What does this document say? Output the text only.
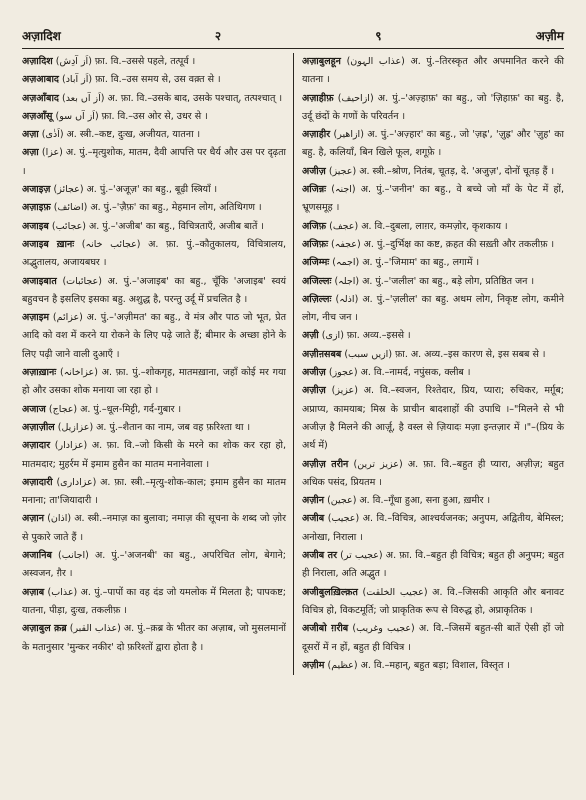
अज़ादिश	२	९	अज़ीम

अज़ादिश (اَز آدِش) फ़ा. वि.–उससे पहले, तत्पूर्व ।

अज़आबाद (اَز آباد) फ़ा. वि.–उस समय से, उस वक़्त से ।

अज़आँबाद (اَز آں بعد) अ. फ़ा. वि.–उसके बाद, उसके पश्चात्, तत्पश्चात् ।

अज़आँसू (اَز آں سو) फ़ा. वि.–उस ओर से, उधर से ।

अज़ा (اَذٰی) अ. स्त्री.–कष्ट, दुःख, अजीयत, यातना ।

अज़ा (عزا) अ. पुं.–मृत्युशोक, मातम, दैवी आपत्ति पर धैर्य और उस पर दृढ़ता ।

अजाइज़ (عجائز) अ. पुं.–'अजूज़' का बहु., बूढ़ी स्त्रियाँ ।

अज़ाइफ़ (اضائف) अ. पुं.–'ज़ैफ़' का बहु., मेहमान लोग, अतिथिगण ।

अजाइब (عجائب) अ. पुं.–'अजीब' का बहु., विचित्रताएँ, अजीब बातें ।

अजाइब ख़ानः (عجائب خانہ) अ. फ़ा. पुं.–कौतुकालय, विचित्रालय, अद्भुतालय, अजायबघर ।

अजाइबात (عجائبات) अ. पुं.–'अजाइब' का बहु., चूँकि 'अजाइब' स्वयं बहुवचन है इसलिए इसका बहु. अशुद्ध है, परन्तु उर्दू में प्रचलित है ।

अज़ाइम (عزائم) अ. पुं.–'अज़ीमत' का बहु., वे मंत्र और पाठ जो भूत, प्रेत आदि को वश में करने या रोकने के लिए पढ़े जाते हैं; बीमार के अच्छा होने के लिए पढ़ी जाने वाली दुआएँ ।

अज़ाख़ानः (عزاخانہ) अ. फ़ा. पुं.–शोकगृह, मातमख़ाना, जहाँ कोई मर गया हो और उसका शोक मनाया जा रहा हो ।

अजाज (عجاج) अ. पुं.–धूल-मिट्टी, गर्द-गुबार ।

अज़ाज़ील (عزازیل) अ. पुं.–शैतान का नाम, जब वह फ़रिश्ता था ।

अज़ादार (عزادار) अ. फ़ा. वि.–जो किसी के मरने का शोक कर रहा हो, मातमदार; मुहर्रम में इमाम हुसैन का मातम मनानेवाला ।

अज़ादारी (عزاداری) अ. फ़ा. स्त्री.–मृत्यु-शोक-काल; इमाम हुसैन का मातम मनाना; ता'जियादारी ।

अज़ान (اذان) अ. स्त्री.–नमाज़ का बुलावा; नमाज़ की सूचना के शब्द जो ज़ोर से पुकारे जाते हैं ।

अजानिब (اجانب) अ. पुं.–'अजनबी' का बहु., अपरिचित लोग, बेगाने; अस्वजन, ग़ैर ।

अज़ाब (عذاب) अ. पुं.–पापों का वह दंड जो यमलोक में मिलता है; पापकष्ट; यातना, पीड़ा, दुःख, तकलीफ़ ।

अज़ाबुल क़ब्र (عذاب القبر) अ. पुं.–क़ब्र के भीतर का अज़ाब, जो मुसलमानों के मतानुसार 'मुन्कर नकीर' दो फ़रिश्तों द्वारा होता है ।

अज़ाबुलहून (عذاب الہون) अ. पुं.–तिरस्कृत और अपमानित करने की यातना ।

अज़ाहीफ़ (ازاحیف) अ. पुं.–'अज़्हाफ़' का बहु., जो 'ज़िहाफ़' का बहु. है, उर्दू छंदों के गणों के परिवर्तन ।

अज़ाहीर (ازاهیر) अ. पुं.–'अज़्हार' का बहु., जो 'ज़ह्र', 'ज़ुह्र' और 'ज़ुह' का बहु. है, कलियाँ, बिन खिले फूल, शगूफ़े ।

अजीज़ (عجیز) अ. स्त्री.–श्रोण, नितंब, चूतड़, दे. 'अजुज़', दोनों चूतड़ हैं ।

अजिन्नः (اجنہ) अ. पुं.–'जनीन' का बहु., वे बच्चे जो माँ के पेट में हों, भ्रूणसमूह ।

अजिफ़ (عجف) अ. वि.–दुबला, लाग़र, कमज़ोर, कृशकाय ।

अजिफ़ः (عجفہ) अ. पुं.–दुर्भिक्ष का कष्ट, क़हत की सख़्ती और तकलीफ़ ।

अजिम्मः (اجمہ) अ. पुं.–'जिमाम' का बहु., लगामें ।

अजिल्लः (اجلہ) अ. पुं.–'जलील' का बहु., बड़े लोग, प्रतिष्ठित जन ।

अज़िल्लः (اذلہ) अ. पुं.–'ज़लील' का बहु. अधम लोग, निकृष्ट लोग, कमीने लोग, नीच जन ।

अज़ी (ازی) फ़ा. अव्य.–इससे ।

अज़ीऩसबब (ازیں سبب) फ़ा. अ. अव्य.–इस कारण से, इस सबब से ।

अजीज़ (عجوز) अ. वि.–नामर्द, नपुंसक, क्लीब ।

अज़ीज़ (عزیز) अ. वि.–स्वजन, रिश्तेदार, प्रिय, प्यारा; रुचिकर, मर्ग़ूब; अप्राप्य, कामयाब; मिस्र के प्राचीन बादशाहों की उपाधि ।–"मिलने से भी अजीज़ है मिलने की आर्ज़ू, है वस्ल से ज़ियादः मज़ा इन्तज़ार में ।"–(प्रिय के अर्थ में)

अज़ीज़ तरीन (عزیز ترین) अ. फ़ा. वि.–बहुत ही प्यारा, अज़ीज़; बहुत अधिक पसंद, प्रियतम ।

अज़ीन (عجین) अ. वि.–गूँधा हुआ, सना हुआ, ख़मीर ।

अजीब (عجیب) अ. वि.–विचित्र, आश्चर्यजनक; अनुपम, अद्वितीय, बेमिस्ल; अनोखा, निराला ।

अजीब तर (عجیب تر) अ. फ़ा. वि.–बहुत ही विचित्र; बहुत ही अनुपम; बहुत ही निराला, अति अद्भुत ।

अजीबुलख़िल्क़त (عجیب الخلقت) अ. वि.–जिसकी आकृति और बनावट विचित्र हो, विकटमूर्ति; जो प्राकृतिक रूप से विरुद्ध हो, अप्राकृतिक ।

अजीबो ग़रीब (عجیب وغریب) अ. वि.–जिसमें बहुत-सी बातें ऐसी हों जो दूसरों में न हों, बहुत ही विचित्र ।

अज़ीम (عظیم) अ. वि.–महान्, बहुत बड़ा; विशाल, विस्तृत ।
